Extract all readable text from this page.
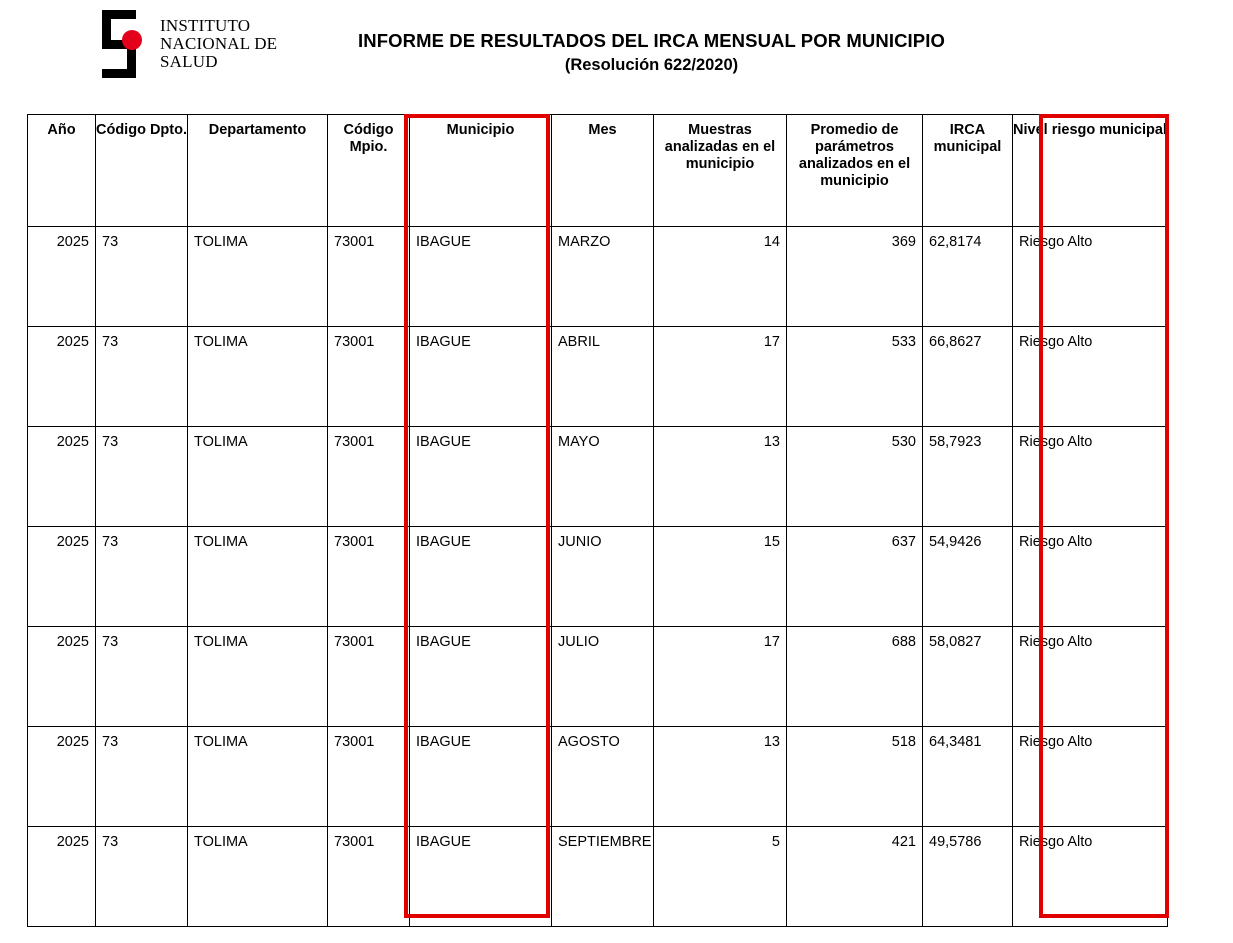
INSTITUTO
NACIONAL DE
SALUD
INFORME DE RESULTADOS DEL IRCA MENSUAL POR MUNICIPIO
(Resolución 622/2020)
Año	Código Dpto.	Departamento	Código Mpio.	Municipio	Mes	Muestras analizadas en el municipio	Promedio de parámetros analizados en el municipio	IRCA municipal	Nivel riesgo municipal
2025	73	TOLIMA	73001	IBAGUE	MARZO	14	369	62,8174	Riesgo Alto
2025	73	TOLIMA	73001	IBAGUE	ABRIL	17	533	66,8627	Riesgo Alto
2025	73	TOLIMA	73001	IBAGUE	MAYO	13	530	58,7923	Riesgo Alto
2025	73	TOLIMA	73001	IBAGUE	JUNIO	15	637	54,9426	Riesgo Alto
2025	73	TOLIMA	73001	IBAGUE	JULIO	17	688	58,0827	Riesgo Alto
2025	73	TOLIMA	73001	IBAGUE	AGOSTO	13	518	64,3481	Riesgo Alto
2025	73	TOLIMA	73001	IBAGUE	SEPTIEMBRE	5	421	49,5786	Riesgo Alto
